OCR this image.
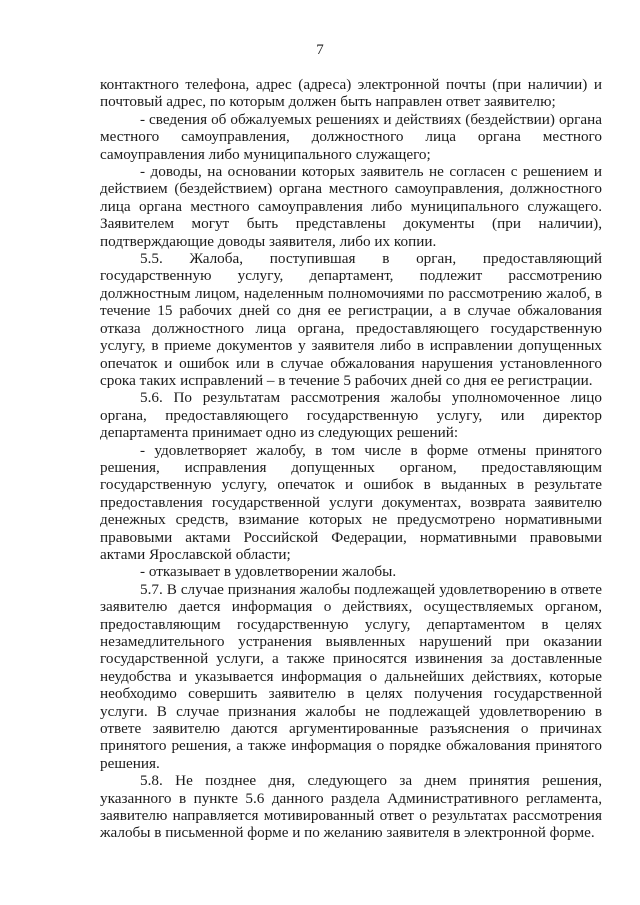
7

контактного телефона, адрес (адреса) электронной почты (при наличии) и почтовый адрес, по которым должен быть направлен ответ заявителю;

- сведения об обжалуемых решениях и действиях (бездействии) органа местного самоуправления, должностного лица органа местного самоуправления либо муниципального служащего;

- доводы, на основании которых заявитель не согласен с решением и действием (бездействием) органа местного самоуправления, должностного лица органа местного самоуправления либо муниципального служащего. Заявителем могут быть представлены документы (при наличии), подтверждающие доводы заявителя, либо их копии.

5.5. Жалоба, поступившая в орган, предоставляющий государственную услугу, департамент, подлежит рассмотрению должностным лицом, наделенным полномочиями по рассмотрению жалоб, в течение 15 рабочих дней со дня ее регистрации, а в случае обжалования отказа должностного лица органа, предоставляющего государственную услугу, в приеме документов у заявителя либо в исправлении допущенных опечаток и ошибок или в случае обжалования нарушения установленного срока таких исправлений – в течение 5 рабочих дней со дня ее регистрации.

5.6. По результатам рассмотрения жалобы уполномоченное лицо органа, предоставляющего государственную услугу, или директор департамента принимает одно из следующих решений:

- удовлетворяет жалобу, в том числе в форме отмены принятого решения, исправления допущенных органом, предоставляющим государственную услугу, опечаток и ошибок в выданных в результате предоставления государственной услуги документах, возврата заявителю денежных средств, взимание которых не предусмотрено нормативными правовыми актами Российской Федерации, нормативными правовыми актами Ярославской области;

- отказывает в удовлетворении жалобы.

5.7. В случае признания жалобы подлежащей удовлетворению в ответе заявителю дается информация о действиях, осуществляемых органом, предоставляющим государственную услугу, департаментом в целях незамедлительного устранения выявленных нарушений при оказании государственной услуги, а также приносятся извинения за доставленные неудобства и указывается информация о дальнейших действиях, которые необходимо совершить заявителю в целях получения государственной услуги. В случае признания жалобы не подлежащей удовлетворению в ответе заявителю даются аргументированные разъяснения о причинах принятого решения, а также информация о порядке обжалования принятого решения.

5.8. Не позднее дня, следующего за днем принятия решения, указанного в пункте 5.6 данного раздела Административного регламента, заявителю направляется мотивированный ответ о результатах рассмотрения жалобы в письменной форме и по желанию заявителя в электронной форме.
